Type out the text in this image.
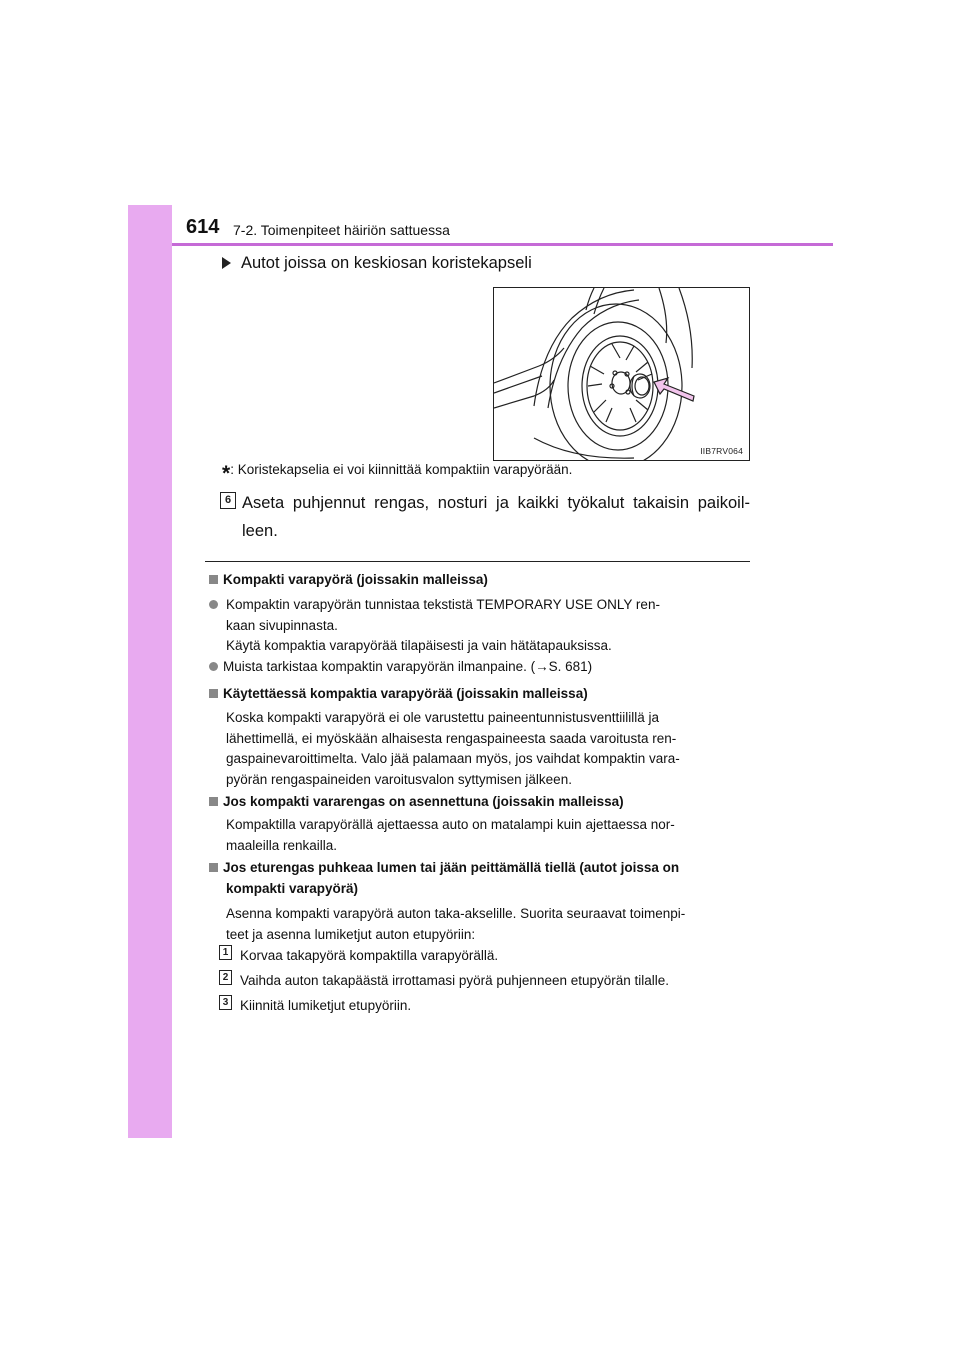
614 7-2. Toimenpiteet häiriön sattuessa
Autot joissa on keskiosan koristekapseli
IIB7RV064
*: Koristekapselia ei voi kiinnittää kompaktiin varapyörään.
6 Aseta puhjennut rengas, nosturi ja kaikki työkalut takaisin paikoil-leen.
Kompakti varapyörä (joissakin malleissa)
Kompaktin varapyörän tunnistaa tekstistä TEMPORARY USE ONLY ren-
kaan sivupinnasta.
Käytä kompaktia varapyörää tilapäisesti ja vain hätätapauksissa.
Muista tarkistaa kompaktin varapyörän ilmanpaine. (→S. 681)
Käytettäessä kompaktia varapyörää (joissakin malleissa)
Koska kompakti varapyörä ei ole varustettu paineentunnistusventtiilillä ja
lähettimellä, ei myöskään alhaisesta rengaspaineesta saada varoitusta ren-
gaspainevaroittimelta. Valo jää palamaan myös, jos vaihdat kompaktin vara-
pyörän rengaspaineiden varoitusvalon syttymisen jälkeen.
Jos kompakti vararengas on asennettuna (joissakin malleissa)
Kompaktilla varapyörällä ajettaessa auto on matalampi kuin ajettaessa nor-
maaleilla renkailla.
Jos eturengas puhkeaa lumen tai jään peittämällä tiellä (autot joissa on
kompakti varapyörä)
Asenna kompakti varapyörä auton taka-akselille. Suorita seuraavat toimenpi-
teet ja asenna lumiketjut auton etupyöriin:
1 Korvaa takapyörä kompaktilla varapyörällä.
2 Vaihda auton takapäästä irrottamasi pyörä puhjenneen etupyörän tilalle.
3 Kiinnitä lumiketjut etupyöriin.
